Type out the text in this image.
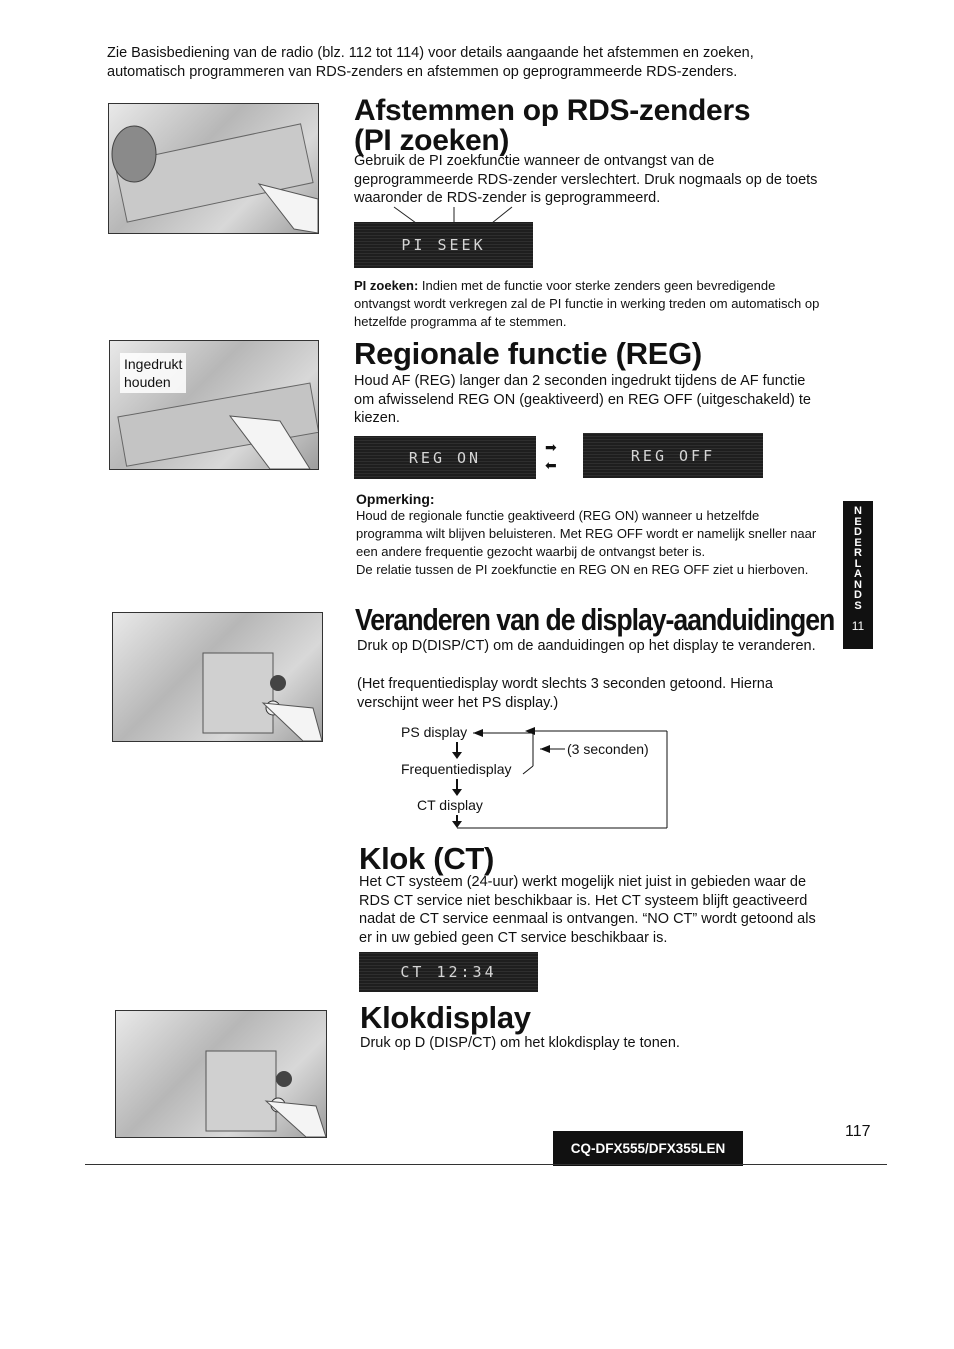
Zie Basisbediening van de radio (blz. 112 tot 114) voor details aangaande het afstemmen en zoeken, automatisch programmeren van RDS-zenders en afstemmen op geprogrammeerde RDS-zenders.
Ingedrukt
houden
Afstemmen op RDS-zenders
(PI zoeken)
Gebruik de PI zoekfunctie wanneer de ontvangst van de geprogrammeerde RDS-zender verslechtert. Druk nogmaals op de toets waaronder de RDS-zender is geprogrammeerd.
PI SEEK
PI zoeken: Indien met de functie voor sterke zenders geen bevredigende ontvangst wordt verkregen zal de PI functie in werking treden om automatisch op hetzelfde programma af te stemmen.
Regionale functie (REG)
Houd AF (REG) langer dan 2 seconden ingedrukt tijdens de AF functie om afwisselend REG ON (geaktiveerd) en REG OFF (uitgeschakeld) te kiezen.
REG ON
➡
⬅
REG OFF
Opmerking:
Houd de regionale functie geaktiveerd (REG ON) wanneer u hetzelfde programma wilt blijven beluisteren. Met REG OFF wordt er namelijk sneller naar een andere frequentie gezocht waarbij de ontvangst beter is.
De relatie tussen de PI zoekfunctie en REG ON en REG OFF ziet u hierboven.
N
E
D
E
R
L
A
N
D
S
11
Veranderen van de display-aanduidingen
Druk op D(DISP/CT) om de aanduidingen op het display te veranderen.
(Het frequentiedisplay wordt slechts 3 seconden getoond. Hierna verschijnt weer het PS display.)
PS display
Frequentiedisplay
CT display
(3 seconden)
Klok (CT)
Het CT systeem (24-uur) werkt mogelijk niet juist in gebieden waar de RDS CT service niet beschikbaar is. Het CT systeem blijft geactiveerd nadat de CT service eenmaal is ontvangen. “NO CT” wordt getoond als er in uw gebied geen CT service beschikbaar is.
CT 12:34
Klokdisplay
Druk op D (DISP/CT) om het klokdisplay te tonen.
117
CQ-DFX555/DFX355LEN
